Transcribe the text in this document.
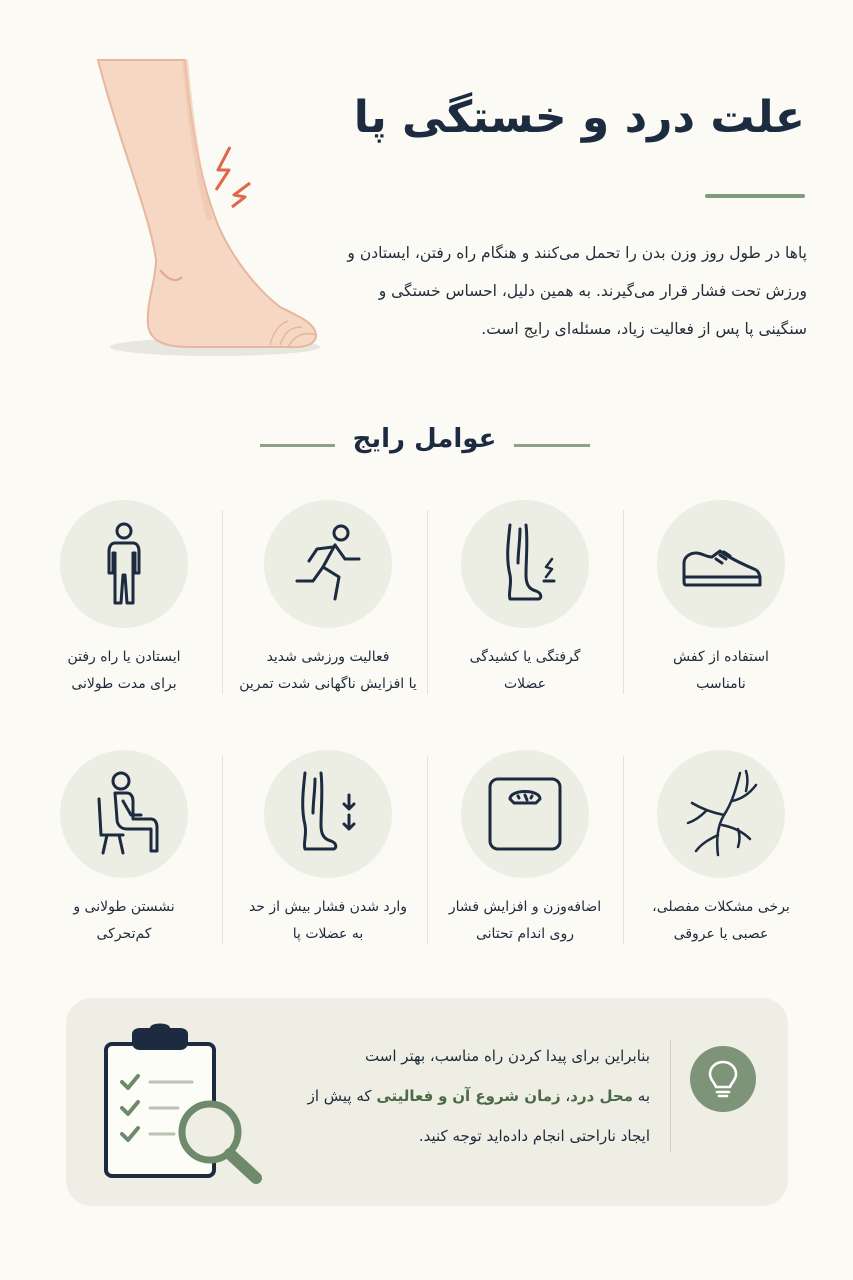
علت درد و خستگی پا
پاها در طول روز وزن بدن را تحمل می‌کنند و هنگام راه رفتن، ایستادن و ورزش تحت فشار قرار می‌گیرند. به همین دلیل، احساس خستگی و سنگینی پا پس از فعالیت زیاد، مسئله‌ای رایج است.
عوامل رایج
استفاده از کفش
نامناسب
گرفتگی یا کشیدگی
عضلات
فعالیت ورزشی شدید
یا افزایش ناگهانی شدت تمرین
ایستادن یا راه رفتن
برای مدت طولانی
برخی مشکلات مفصلی،
عصبی یا عروقی
اضافه‌وزن و افزایش فشار
روی اندام تحتانی
وارد شدن فشار بیش از حد
به عضلات پا
نشستن طولانی و
کم‌تحرکی
بنابراین برای پیدا کردن راه مناسب، بهتر است
به محل درد، زمان شروع آن و فعالیتی که پیش از
ایجاد ناراحتی انجام داده‌اید توجه کنید.
